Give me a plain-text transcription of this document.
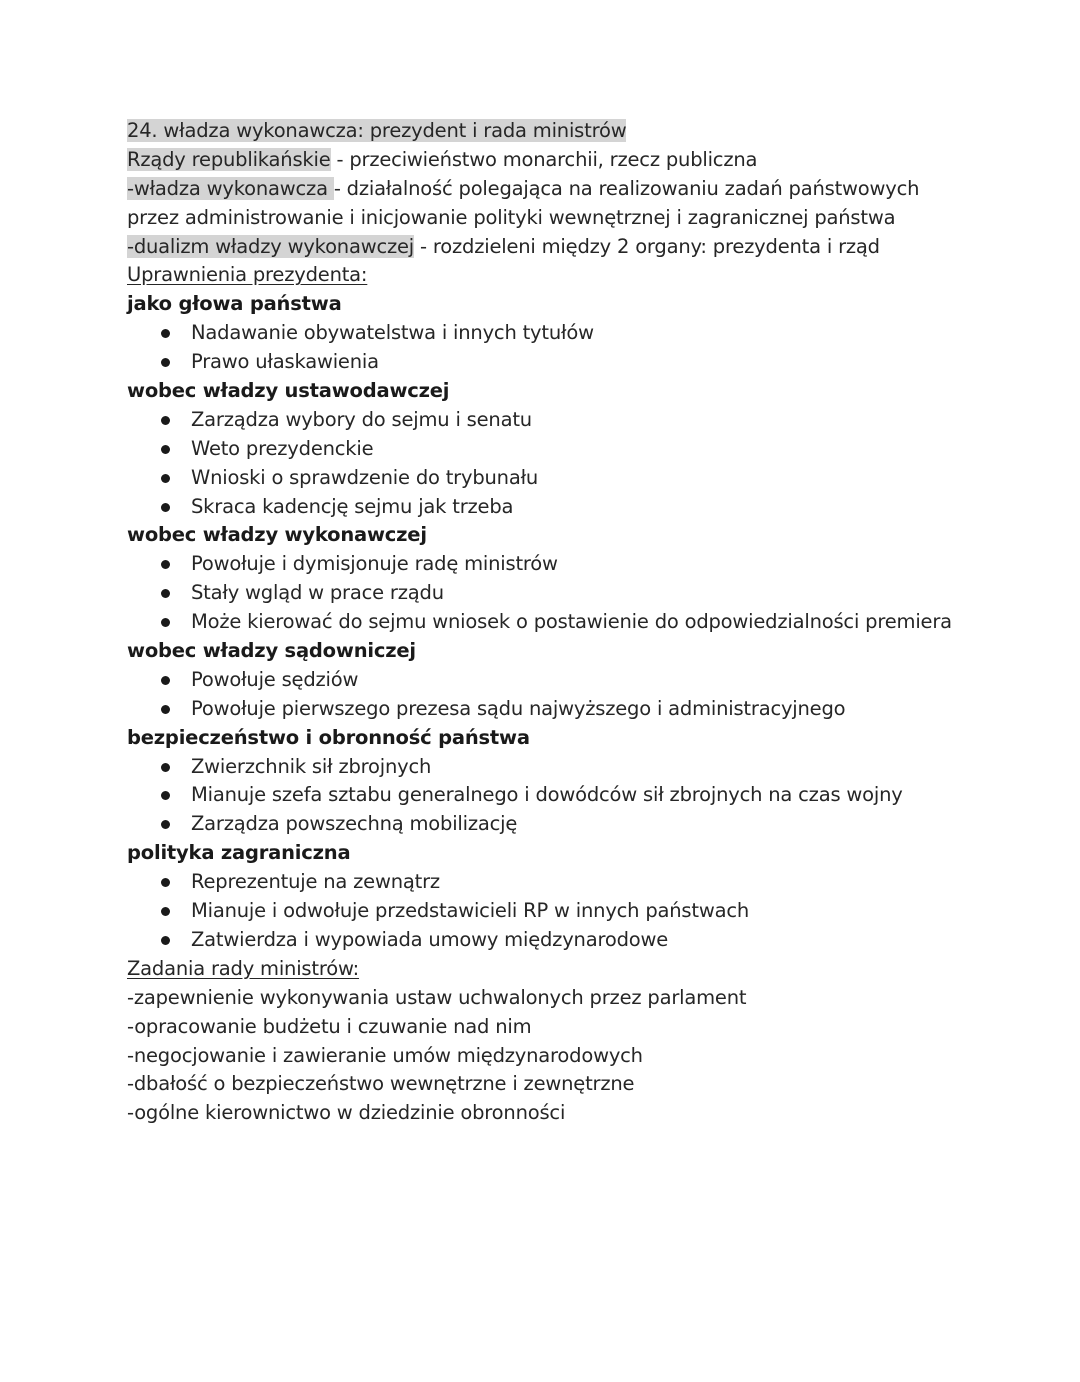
24. władza wykonawcza: prezydent i rada ministrów
Rządy republikańskie - przeciwieństwo monarchii, rzecz publiczna
-władza wykonawcza - działalność polegająca na realizowaniu zadań państwowych
przez administrowanie i inicjowanie polityki wewnętrznej i zagranicznej państwa
-dualizm władzy wykonawczej - rozdzieleni między 2 organy: prezydenta i rząd
Uprawnienia prezydenta:
jako głowa państwa
Nadawanie obywatelstwa i innych tytułów
Prawo ułaskawienia
wobec władzy ustawodawczej
Zarządza wybory do sejmu i senatu
Weto prezydenckie
Wnioski o sprawdzenie do trybunału
Skraca kadencję sejmu jak trzeba
wobec władzy wykonawczej
Powołuje i dymisjonuje radę ministrów
Stały wgląd w prace rządu
Może kierować do sejmu wniosek o postawienie do odpowiedzialności premiera
wobec władzy sądowniczej
Powołuje sędziów
Powołuje pierwszego prezesa sądu najwyższego i administracyjnego
bezpieczeństwo i obronność państwa
Zwierzchnik sił zbrojnych
Mianuje szefa sztabu generalnego i dowódców sił zbrojnych na czas wojny
Zarządza powszechną mobilizację
polityka zagraniczna
Reprezentuje na zewnątrz
Mianuje i odwołuje przedstawicieli RP w innych państwach
Zatwierdza i wypowiada umowy międzynarodowe
Zadania rady ministrów:
-zapewnienie wykonywania ustaw uchwalonych przez parlament
-opracowanie budżetu i czuwanie nad nim
-negocjowanie i zawieranie umów międzynarodowych
-dbałość o bezpieczeństwo wewnętrzne i zewnętrzne
-ogólne kierownictwo w dziedzinie obronności
